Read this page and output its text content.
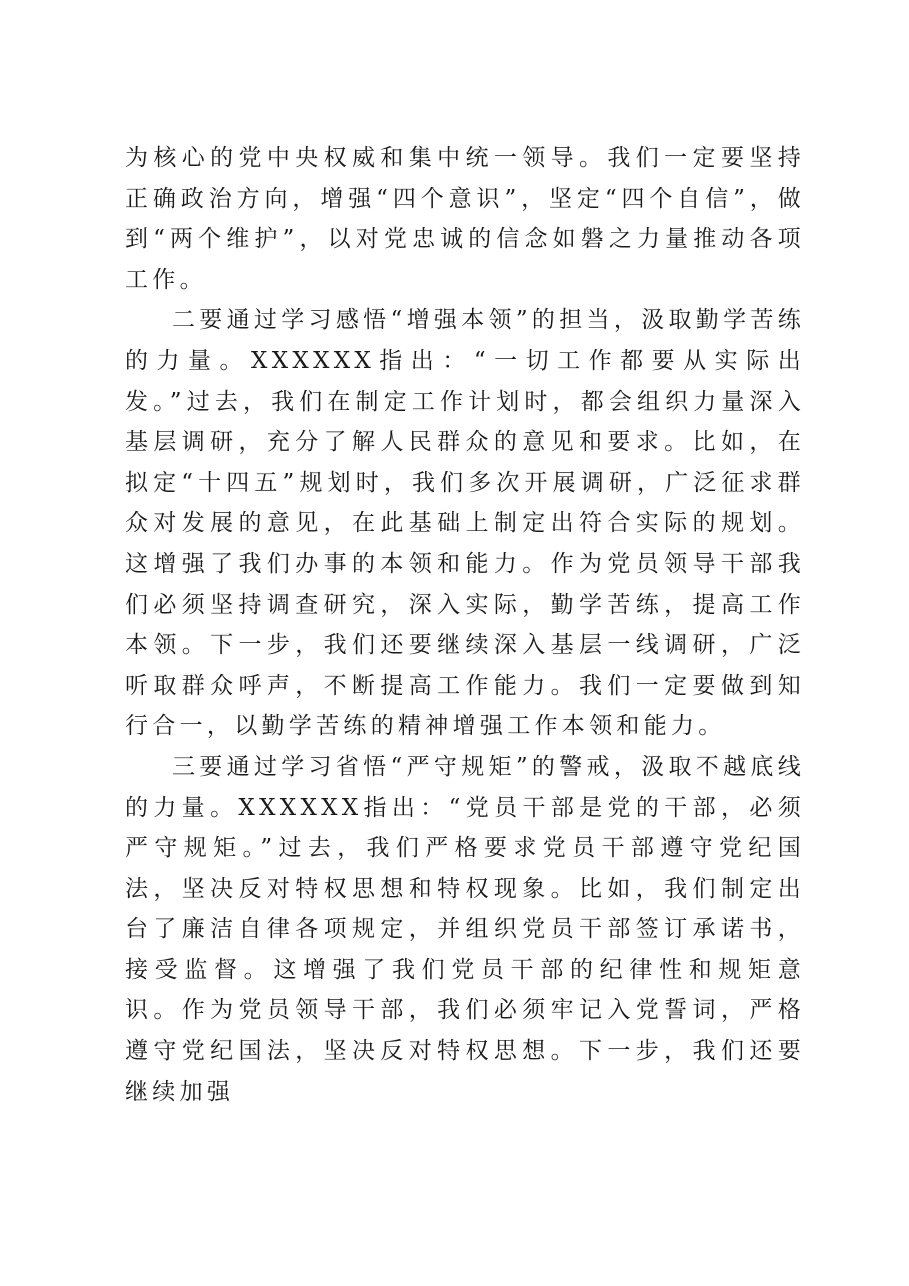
为核心的党中央权威和集中统一领导。我们一定要坚持正确政治方向，增强“四个意识”，坚定“四个自信”，做到“两个维护”，以对党忠诚的信念如磐之力量推动各项工作。

二要通过学习感悟“增强本领”的担当，汲取勤学苦练的力量。XXXXXX指出：“一切工作都要从实际出发。”过去，我们在制定工作计划时，都会组织力量深入基层调研，充分了解人民群众的意见和要求。比如，在拟定“十四五”规划时，我们多次开展调研，广泛征求群众对发展的意见，在此基础上制定出符合实际的规划。这增强了我们办事的本领和能力。作为党员领导干部我们必须坚持调查研究，深入实际，勤学苦练，提高工作本领。下一步，我们还要继续深入基层一线调研，广泛听取群众呼声，不断提高工作能力。我们一定要做到知行合一，以勤学苦练的精神增强工作本领和能力。

三要通过学习省悟“严守规矩”的警戒，汲取不越底线的力量。XXXXXX指出：“党员干部是党的干部，必须严守规矩。”过去，我们严格要求党员干部遵守党纪国法，坚决反对特权思想和特权现象。比如，我们制定出台了廉洁自律各项规定，并组织党员干部签订承诺书，接受监督。这增强了我们党员干部的纪律性和规矩意识。作为党员领导干部，我们必须牢记入党誓词，严格遵守党纪国法，坚决反对特权思想。下一步，我们还要继续加强
